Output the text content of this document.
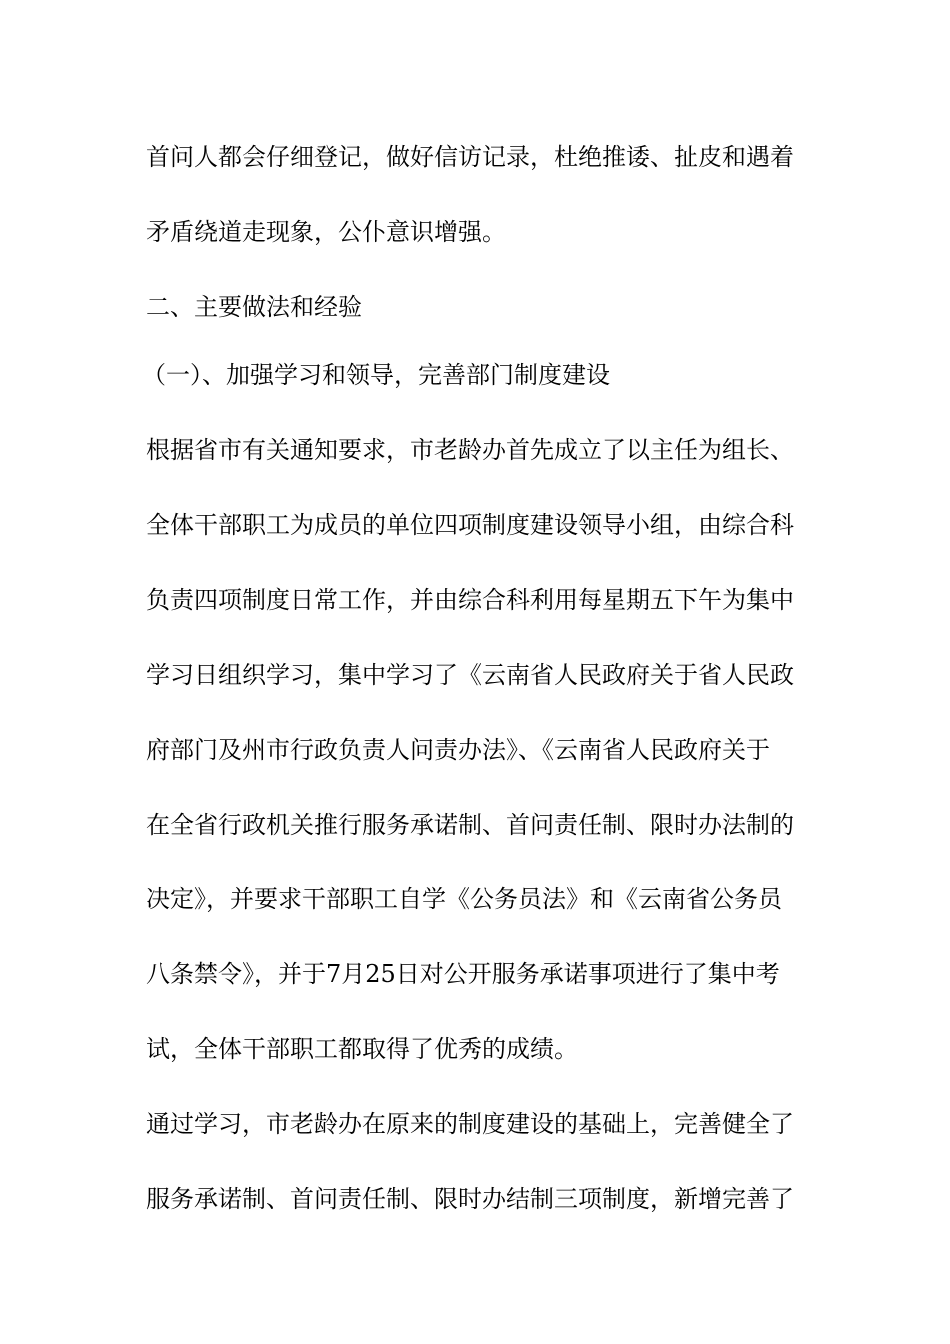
首问人都会仔细登记，做好信访记录，杜绝推诿、扯皮和遇着
矛盾绕道走现象，公仆意识增强。
二、主要做法和经验
（一）、加强学习和领导，完善部门制度建设
根据省市有关通知要求，市老龄办首先成立了以主任为组长、
全体干部职工为成员的单位四项制度建设领导小组，由综合科
负责四项制度日常工作，并由综合科利用每星期五下午为集中
学习日组织学习，集中学习了《云南省人民政府关于省人民政
府部门及州市行政负责人问责办法》、《云南省人民政府关于
在全省行政机关推行服务承诺制、首问责任制、限时办法制的
决定》，并要求干部职工自学《公务员法》和《云南省公务员
八条禁令》，并于7月25日对公开服务承诺事项进行了集中考
试，全体干部职工都取得了优秀的成绩。
通过学习，市老龄办在原来的制度建设的基础上，完善健全了
服务承诺制、首问责任制、限时办结制三项制度，新增完善了
